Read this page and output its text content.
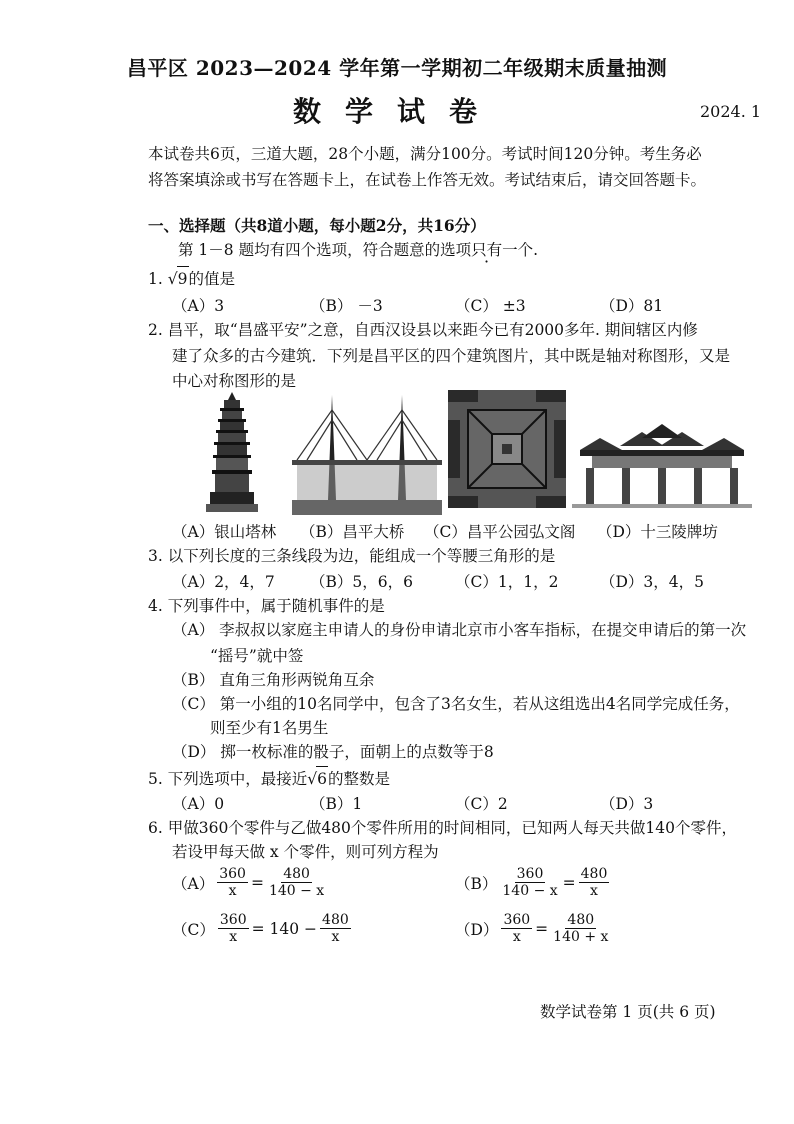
昌平区 2023—2024 学年第一学期初二年级期末质量抽测
数学试卷	2024. 1
本试卷共6页，三道大题，28个小题，满分100分。考试时间120分钟。考生务必
将答案填涂或书写在答题卡上，在试卷上作答无效。考试结束后，请交回答题卡。
一、选择题（共8道小题，每小题2分，共16分）
第 1－8 题均有四个选项，符合题意的选项只有一个.
1. √9的值是
（A）3	（B） －3	（C） ±3	（D）81
2. 昌平，取“昌盛平安”之意，自西汉设县以来距今已有2000多年. 期间辖区内修
建了众多的古今建筑．下列是昌平区的四个建筑图片，其中既是轴对称图形，又是
中心对称图形的是
（A）银山塔林 （B）昌平大桥 （C）昌平公园弘文阁 （D）十三陵牌坊
3. 以下列长度的三条线段为边，能组成一个等腰三角形的是
（A）2，4，7 （B）5，6，6	（C）1，1，2	（D）3，4，5
4. 下列事件中，属于随机事件的是
（A） 李叔叔以家庭主申请人的身份申请北京市小客车指标，在提交申请后的第一次
“摇号”就中签
（B） 直角三角形两锐角互余
（C） 第一小组的10名同学中，包含了3名女生，若从这组选出4名同学完成任务，
则至少有1名男生
（D） 掷一枚标准的骰子，面朝上的点数等于8
5. 下列选项中，最接近√6的整数是
（A）0	（B）1	（C）2	（D）3
6. 甲做360个零件与乙做480个零件所用的时间相同，已知两人每天共做140个零件，
若设甲每天做 x 个零件，则可列方程为
$(A) \frac{360}{x} = \frac{480}{140 - x}$	$(B) \frac{360}{140 - x} = \frac{480}{x}$
$(C) \frac{360}{x} = 140 - \frac{480}{x}$	$(D) \frac{360}{x} = \frac{480}{140 + x}$
数学试卷第 1 页(共 6 页)
